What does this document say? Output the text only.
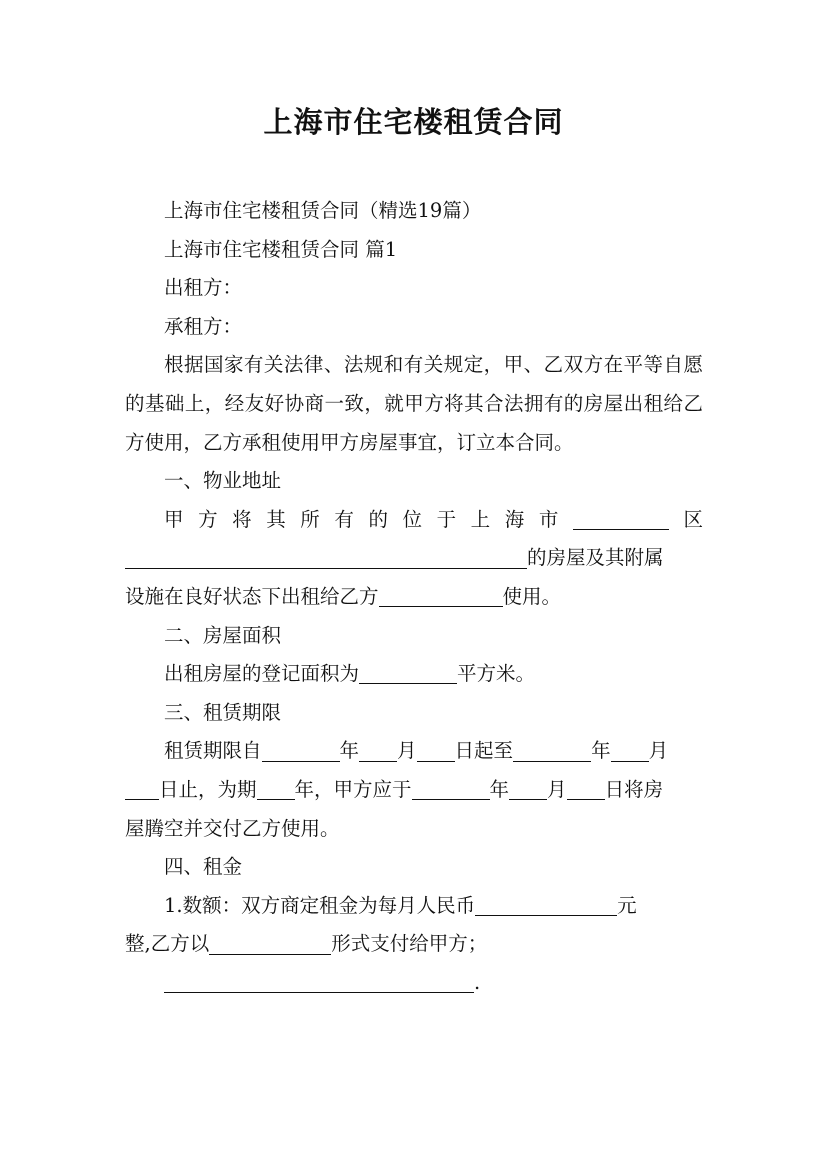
上海市住宅楼租赁合同

上海市住宅楼租赁合同（精选19篇）

上海市住宅楼租赁合同 篇1

出租方：

承租方：

根据国家有关法律、法规和有关规定，甲、乙双方在平等自愿的基础上，经友好协商一致，就甲方将其合法拥有的房屋出租给乙方使用，乙方承租使用甲方房屋事宜，订立本合同。

一、物业地址

甲方将其所有的位于上海市	区

的房屋及其附属

设施在良好状态下出租给乙方	使用。

二、房屋面积

出租房屋的登记面积为	平方米。

三、租赁期限

租赁期限自	年 月 日起至	年 月

日止，为期 年，甲方应于	年 月 日将房

屋腾空并交付乙方使用。

四、租金

1.数额：双方商定租金为每月人民币	元

整,乙方以	形式支付给甲方；

.
